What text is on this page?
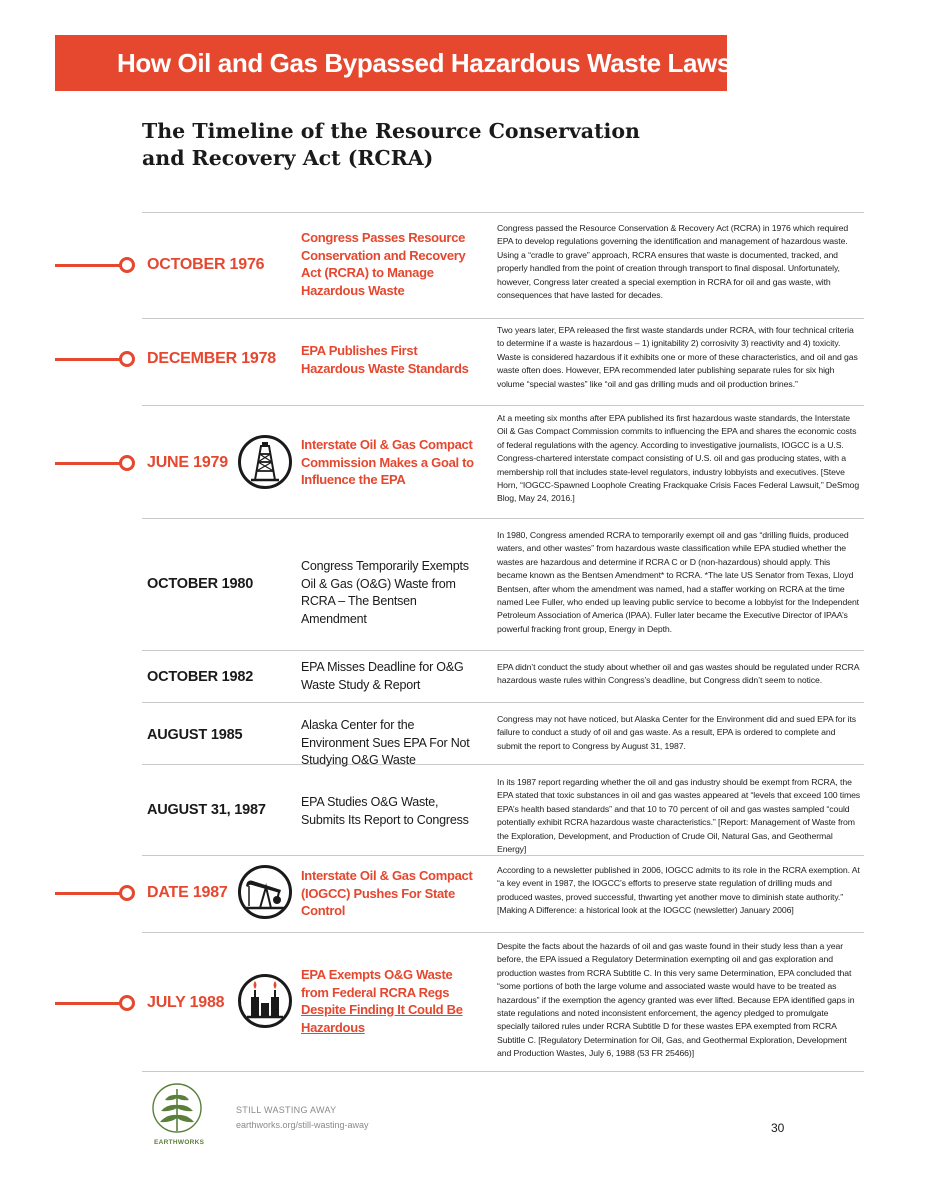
How Oil and Gas Bypassed Hazardous Waste Laws
The Timeline of the Resource Conservation
and Recovery Act (RCRA)
OCTOBER 1976
Congress Passes Resource Conservation and Recovery Act (RCRA) to Manage Hazardous Waste
Congress passed the Resource Conservation & Recovery Act (RCRA) in 1976 which required EPA to develop regulations governing the identification and management of hazardous waste. Using a “cradle to grave” approach, RCRA ensures that waste is documented, tracked, and properly handled from the point of creation through transport to final disposal. Unfortunately, however, Congress later created a special exemption in RCRA for oil and gas waste, with consequences that have lasted for decades.
DECEMBER 1978 EPA Publishes First Hazardous Waste Standards
Two years later, EPA released the first waste standards under RCRA, with four technical criteria to determine if a waste is hazardous – 1) ignitability 2) corrosivity 3) reactivity and 4) toxicity. Waste is considered hazardous if it exhibits one or more of these characteristics, and oil and gas waste often does. However, EPA recommended later publishing separate rules for six high volume “special wastes” like “oil and gas drilling muds and oil production brines.”
JUNE 1979
Interstate Oil & Gas Compact Commission Makes a Goal to Influence the EPA
At a meeting six months after EPA published its first hazardous waste standards, the Interstate Oil & Gas Compact Commission commits to influencing the EPA and shares the economic costs of federal regulations with the agency. According to investigative journalists, IOGCC is a U.S. Congress-chartered interstate compact consisting of U.S. oil and gas producing states, with a membership roll that includes state-level regulators, industry lobbyists and executives. [Steve Horn, “IOGCC-Spawned Loophole Creating Frackquake Crisis Faces Federal Lawsuit,” DeSmog Blog, May 24, 2016.]
OCTOBER 1980
Congress Temporarily Exempts Oil & Gas (O&G) Waste from RCRA – The Bentsen Amendment
In 1980, Congress amended RCRA to temporarily exempt oil and gas “drilling fluids, produced waters, and other wastes” from hazardous waste classification while EPA studied whether the wastes are hazardous and determine if RCRA C or D (non-hazardous) should apply. This became known as the Bentsen Amendment* to RCRA. *The late US Senator from Texas, Lloyd Bentsen, after whom the amendment was named, had a staffer working on RCRA at the time named Lee Fuller, who ended up leaving public service to become a lobbyist for the Independent Petroleum Association of America (IPAA). Fuller later became the Executive Director of IPAA’s powerful fracking front group, Energy in Depth.
OCTOBER 1982
EPA Misses Deadline for O&G Waste Study & Report
EPA didn’t conduct the study about whether oil and gas wastes should be regulated under RCRA hazardous waste rules within Congress’s deadline, but Congress didn’t seem to notice.
AUGUST 1985
Alaska Center for the Environment Sues EPA For Not Studying O&G Waste
Congress may not have noticed, but Alaska Center for the Environment did and sued EPA for its failure to conduct a study of oil and gas waste. As a result, EPA is ordered to complete and submit the report to Congress by August 31, 1987.
AUGUST 31, 1987	EPA Studies O&G Waste, Submits Its Report to Congress
In its 1987 report regarding whether the oil and gas industry should be exempt from RCRA, the EPA stated that toxic substances in oil and gas wastes appeared at “levels that exceed 100 times EPA’s health based standards” and that 10 to 70 percent of oil and gas wastes sampled “could potentially exhibit RCRA hazardous waste characteristics.” [Report: Management of Waste from the Exploration, Development, and Production of Crude Oil, Natural Gas, and Geothermal Energy]
DATE 1987
Interstate Oil & Gas Compact (IOGCC) Pushes For State Control
According to a newsletter published in 2006, IOGCC admits to its role in the RCRA exemption. At “a key event in 1987, the IOGCC’s efforts to preserve state regulation of drilling muds and produced wastes, proved successful, thwarting yet another move to diminish state authority.” [Making A Difference: a historical look at the IOGCC (newsletter) January 2006]
JULY 1988
EPA Exempts O&G Waste from Federal RCRA Regs Despite Finding It Could Be Hazardous
Despite the facts about the hazards of oil and gas waste found in their study less than a year before, the EPA issued a Regulatory Determination exempting oil and gas exploration and production wastes from RCRA Subtitle C. In this very same Determination, EPA concluded that “some portions of both the large volume and associated waste would have to be treated as hazardous” if the exemption the agency granted was ever lifted. Because EPA identified gaps in state regulations and noted inconsistent enforcement, the agency pledged to promulgate specially tailored rules under RCRA Subtitle D for these wastes EPA exempted from RCRA Subtitle C. [Regulatory Determination for Oil, Gas, and Geothermal Exploration, Development and Production Wastes, July 6, 1988 (53 FR 25466)]
EARTHWORKS
STILL WASTING AWAY
earthworks.org/still-wasting-away	30
